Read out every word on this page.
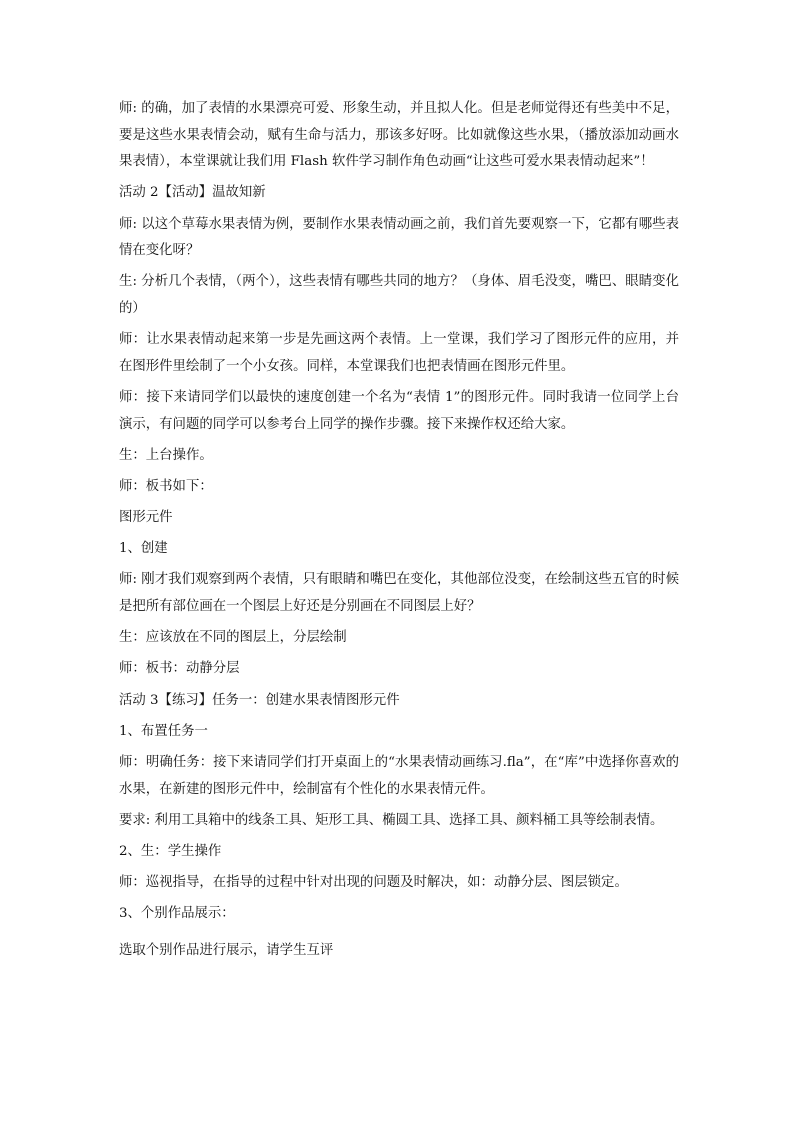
师: 的确，加了表情的水果漂亮可爱、形象生动，并且拟人化。但是老师觉得还有些美中不足，要是这些水果表情会动，赋有生命与活力，那该多好呀。比如就像这些水果，（播放添加动画水果表情），本堂课就让我们用 Flash 软件学习制作角色动画“让这些可爱水果表情动起来”！

活动 2【活动】温故知新

师: 以这个草莓水果表情为例，要制作水果表情动画之前，我们首先要观察一下，它都有哪些表情在变化呀？

生: 分析几个表情，（两个），这些表情有哪些共同的地方？（身体、眉毛没变，嘴巴、眼睛变化的）

师：让水果表情动起来第一步是先画这两个表情。上一堂课，我们学习了图形元件的应用，并在图形件里绘制了一个小女孩。同样，本堂课我们也把表情画在图形元件里。

师：接下来请同学们以最快的速度创建一个名为“表情 1”的图形元件。同时我请一位同学上台演示，有问题的同学可以参考台上同学的操作步骤。接下来操作权还给大家。

生：上台操作。

师：板书如下：

图形元件

1、创建

师: 刚才我们观察到两个表情，只有眼睛和嘴巴在变化，其他部位没变，在绘制这些五官的时候是把所有部位画在一个图层上好还是分别画在不同图层上好？

生：应该放在不同的图层上，分层绘制

师：板书：动静分层

活动 3【练习】任务一：创建水果表情图形元件

1、布置任务一

师：明确任务：接下来请同学们打开桌面上的“水果表情动画练习.fla”，在“库”中选择你喜欢的水果，在新建的图形元件中，绘制富有个性化的水果表情元件。

要求: 利用工具箱中的线条工具、矩形工具、椭圆工具、选择工具、颜料桶工具等绘制表情。

2、生：学生操作

师：巡视指导，在指导的过程中针对出现的问题及时解决，如：动静分层、图层锁定。

3、个别作品展示：

选取个别作品进行展示，请学生互评
